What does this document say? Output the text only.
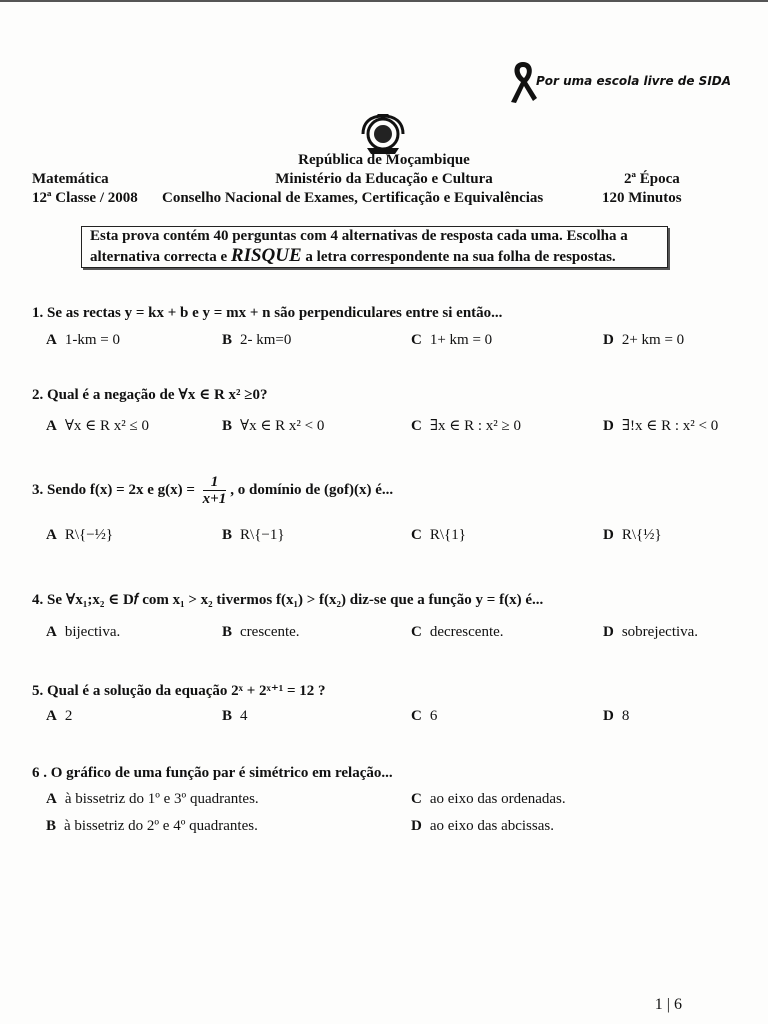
Por uma escola livre de SIDA
República de Moçambique
Ministério da Educação e Cultura
Conselho Nacional de Exames, Certificação e Equivalências
Matemática
12ª Classe / 2008
2ª Época
120 Minutos
Esta prova contém 40 perguntas com 4 alternativas de resposta cada uma. Escolha a
alternativa correcta e RISQUE a letra correspondente na sua folha de respostas.
1. Se as rectas y = kx + b e y = mx + n são perpendiculares entre si então...
A 1-km = 0	B 2- km=0	C 1+ km = 0	D 2+ km = 0
2. Qual é a negação de ∀x ∈ R x² ≥0?
A ∀x ∈ R x² ≤ 0	B ∀x ∈ R x² < 0	C ∃x ∈ R : x² ≥ 0	D ∃!x ∈ R : x² < 0
3. Sendo f(x) = 2x e $g(x) = \frac{1}{x+1}$ , o domínio de (gof)(x) é...
A R\{−½}	B R\{−1}	C R\{1}	D R\{½}
4. Se ∀x₁;x₂ ∈ D𝑓 com x₁ > x₂ tivermos f(x₁) > f(x₂) diz-se que a função y = f(x) é...
A bijectiva.	B crescente.	C decrescente.	D sobrejectiva.
5. Qual é a solução da equação 2ˣ + 2ˣ⁺¹ = 12 ?
A 2	B 4	C 6	D 8
6 . O gráfico de uma função par é simétrico em relação...
A à bissetriz do 1º e 3º quadrantes.	C ao eixo das ordenadas.
B à bissetriz do 2º e 4º quadrantes.	D ao eixo das abcissas.
1 | 6
